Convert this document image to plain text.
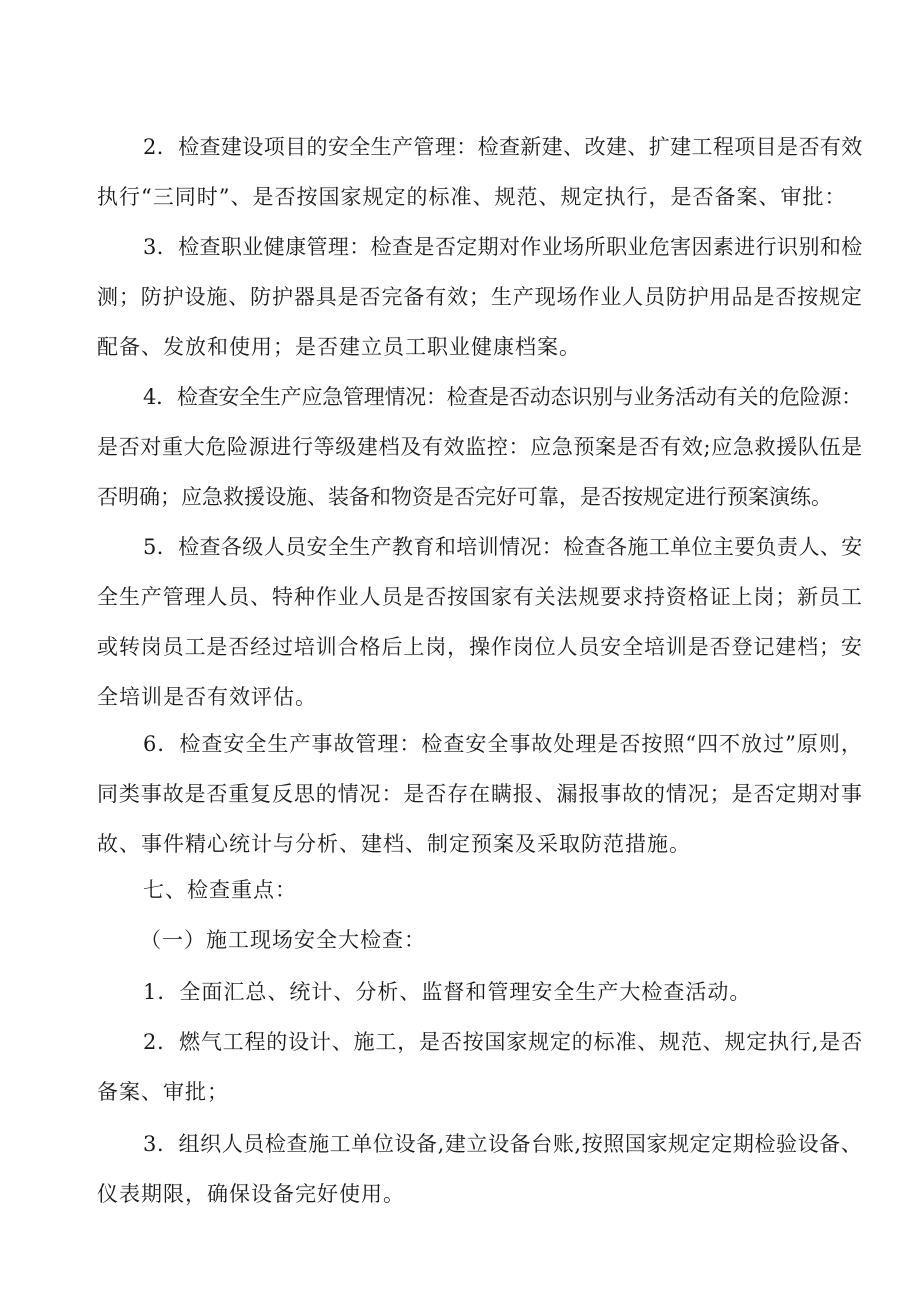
2．检查建设项目的安全生产管理：检查新建、改建、扩建工程项目是否有效
执行“三同时”、是否按国家规定的标准、规范、规定执行，是否备案、审批：
3．检查职业健康管理：检查是否定期对作业场所职业危害因素进行识别和检
测；防护设施、防护器具是否完备有效；生产现场作业人员防护用品是否按规定
配备、发放和使用；是否建立员工职业健康档案。
4．检查安全生产应急管理情况：检查是否动态识别与业务活动有关的危险源：
是否对重大危险源进行等级建档及有效监控：应急预案是否有效;应急救援队伍是
否明确；应急救援设施、装备和物资是否完好可靠，是否按规定进行预案演练。
5．检查各级人员安全生产教育和培训情况：检查各施工单位主要负责人、安
全生产管理人员、特种作业人员是否按国家有关法规要求持资格证上岗；新员工
或转岗员工是否经过培训合格后上岗，操作岗位人员安全培训是否登记建档；安
全培训是否有效评估。
6．检查安全生产事故管理：检查安全事故处理是否按照“四不放过”原则，
同类事故是否重复反思的情况：是否存在瞒报、漏报事故的情况；是否定期对事
故、事件精心统计与分析、建档、制定预案及采取防范措施。
七、检查重点：
（一）施工现场安全大检查：
1．全面汇总、统计、分析、监督和管理安全生产大检查活动。
2．燃气工程的设计、施工，是否按国家规定的标准、规范、规定执行,是否
备案、审批；
3．组织人员检查施工单位设备,建立设备台账,按照国家规定定期检验设备、
仪表期限，确保设备完好使用。
